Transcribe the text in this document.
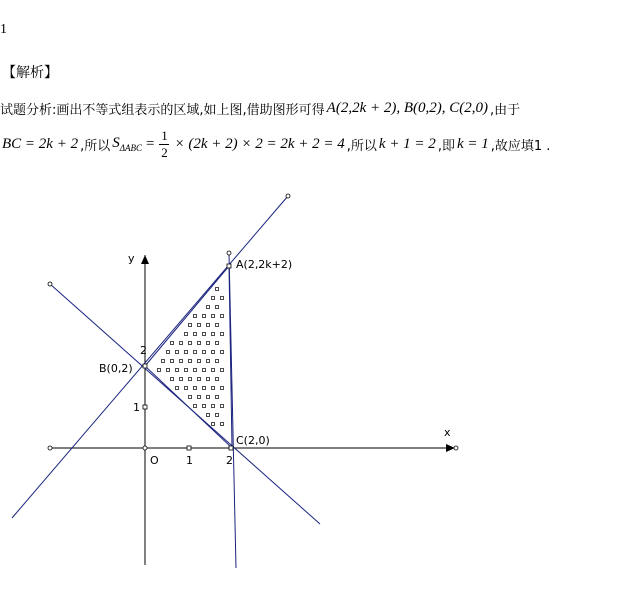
1
【解析】
试题分析:画出不等式组表示的区域,如上图,借助图形可得 A(2,2k + 2), B(0,2), C(2,0) ,由于
BC = 2k + 2 ,所以 $S_{\Delta ABC} = \frac{1}{2} \times (2k + 2) \times 2 = 2k + 2 = 4$ ,所以 k + 1 = 2 ,即 k = 1 ,故应填1 .
x
y
O 1	2
1
2
A(2,2k+2)
B(0,2)
C(2,0)
